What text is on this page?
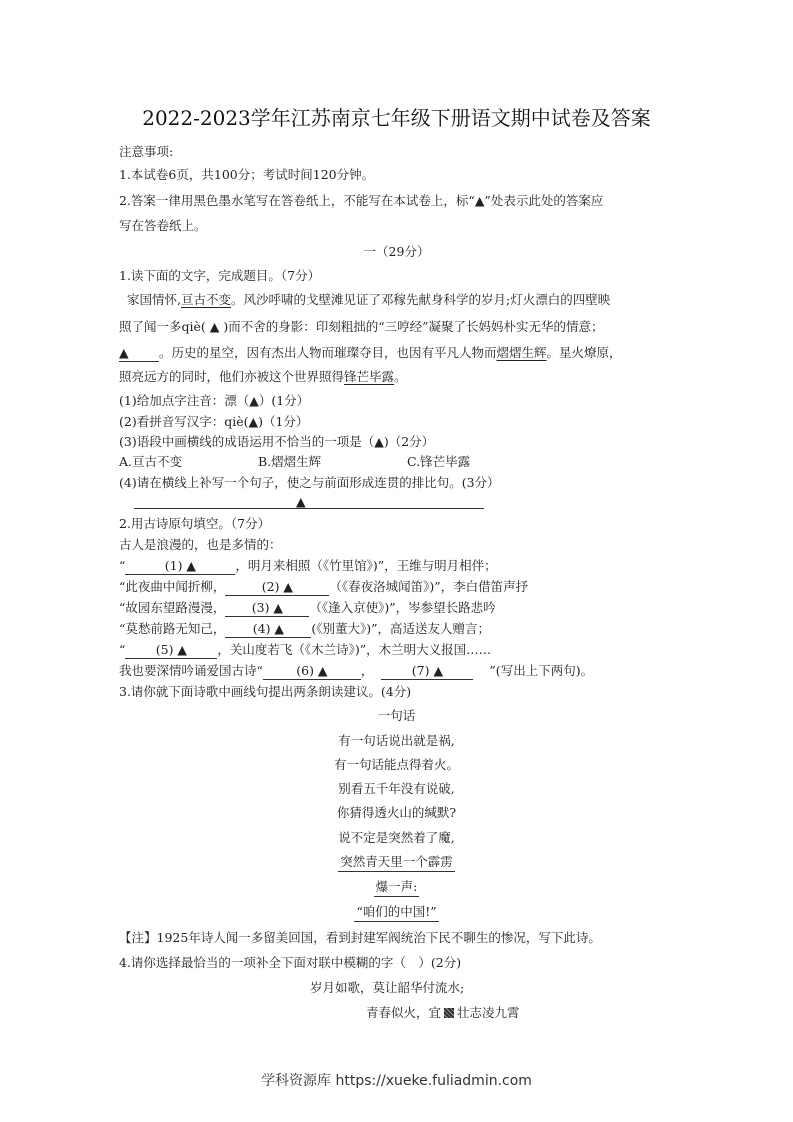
2022-2023学年江苏南京七年级下册语文期中试卷及答案
注意事项:
1.本试卷6页，共100分；考试时间120分钟。
2.答案一律用黑色墨水笔写在答卷纸上，不能写在本试卷上，标“▲”处表示此处的答案应
写在答卷纸上。
一（29分）
1.读下面的文字，完成题目。（7分）
家国情怀,亘古不变。风沙呼啸的戈壁滩见证了邓稼先献身科学的岁月;灯火漂白的四壁映
照了闻一多qiè( ▲ )而不舍的身影：印刻粗拙的“三哼经”凝聚了长妈妈朴实无华的情意；
▲ 。历史的星空，因有杰出人物而璀璨夺目，也因有平凡人物而熠熠生辉。星火燎原，
照亮远方的同时，他们亦被这个世界照得锋芒毕露。
(1)给加点字注音：漂（▲）(1分）
(2)看拼音写汉字：qiè(▲)（1分）
(3)语段中画横线的成语运用不恰当的一项是（▲)（2分）
A.亘古不变	B.熠熠生辉	C.锋芒毕露
(4)请在横线上补写一个句子，使之与前面形成连贯的排比句。(3分）
▲
2.用古诗原句填空。（7分）
古人是浪漫的，也是多情的：
“	(1) ▲	，明月来相照（《竹里馆》)”，王维与明月相伴；
“此夜曲中闻折柳，	(2) ▲	（《春夜洛城闻笛》)”，李白借笛声抒
“故园东望路漫漫， (3) ▲ （《逢入京使》)”，岑参望长路悲吟
“莫愁前路无知己， (4) ▲ (《别董大》)”，高适送友人赠言；
“ (5) ▲ ，关山度若飞（《木兰诗》)”，木兰明大义报国……
我也要深情吟诵爱国古诗“	(6) ▲	，	(7) ▲	”(写出上下两句)。
3.请你就下面诗歌中画线句提出两条朗读建议。(4分)
一句话
有一句话说出就是祸,
有一句话能点得着火。
别看五千年没有说破,
你猜得透火山的缄默?
说不定是突然着了魔,
突然青天里一个霹雳
爆一声:
“咱们的中国!”
【注】1925年诗人闻一多留美回国，看到封建军阀统治下民不聊生的惨况，写下此诗。
4.请你选择最恰当的一项补全下面对联中模糊的字（　）(2分)
岁月如歌，莫让韶华付流水;
青春似火，宜 壮志凌九霄
学科资源库 https://xueke.fuliadmin.com
